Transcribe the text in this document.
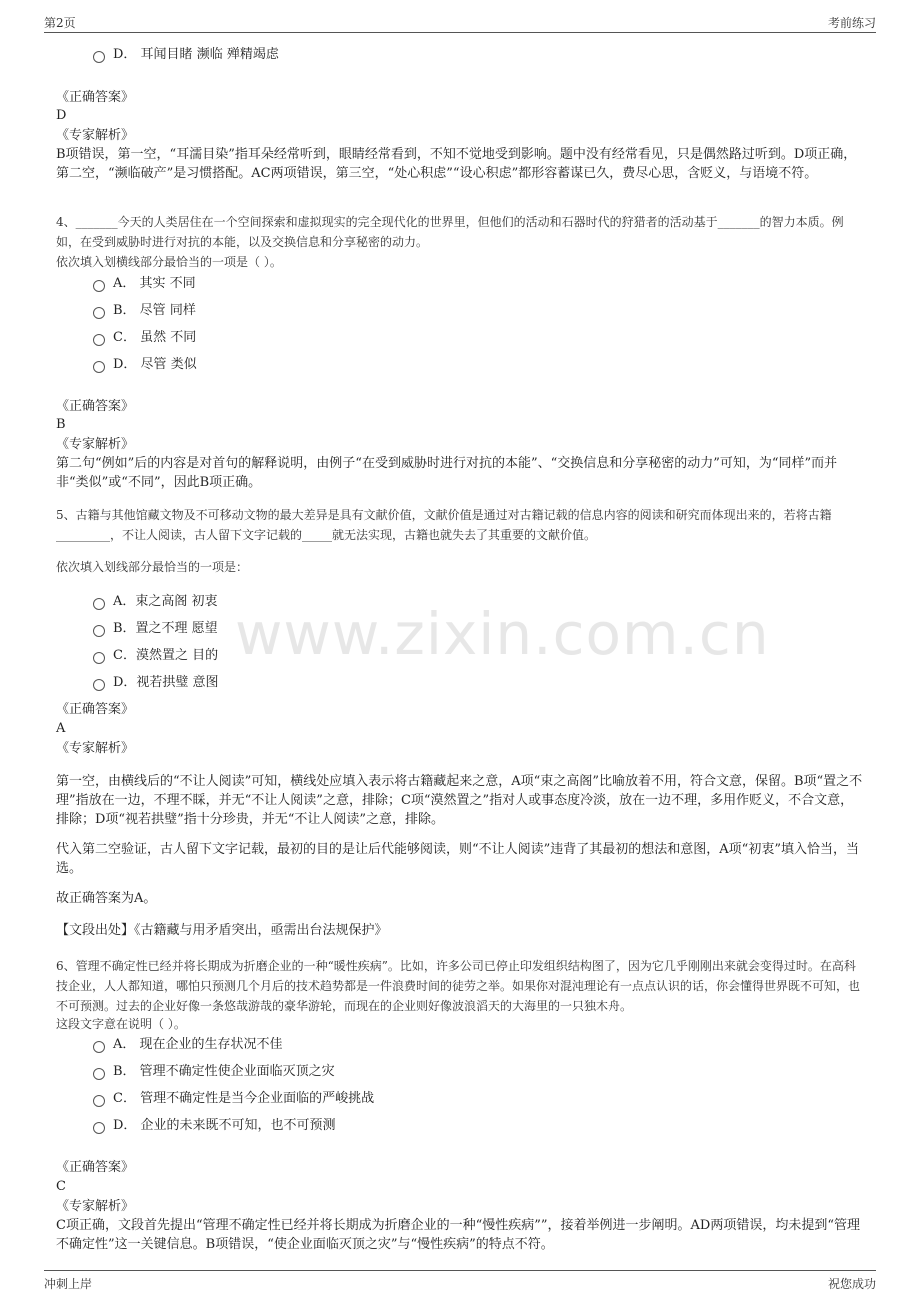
第2页	考前练习
www.zixin.com.cn
D． 耳闻目睹 濒临 殚精竭虑
《正确答案》
D
《专家解析》
B项错误，第一空，“耳濡目染”指耳朵经常听到，眼睛经常看到，不知不觉地受到影响。题中没有经常看见，只是偶然路过听到。D项正确，第二空，“濒临破产”是习惯搭配。AC两项错误，第三空，“处心积虑”“设心积虑”都形容蓄谋已久，费尽心思，含贬义，与语境不符。
4、_______今天的人类居住在一个空间探索和虚拟现实的完全现代化的世界里，但他们的活动和石器时代的狩猎者的活动基于_______的智力本质。例如，在受到威胁时进行对抗的本能，以及交换信息和分享秘密的动力。
依次填入划横线部分最恰当的一项是（ ）。
A． 其实 不同
B． 尽管 同样
C． 虽然 不同
D． 尽管 类似
《正确答案》
B
《专家解析》
第二句“例如”后的内容是对首句的解释说明，由例子“在受到威胁时进行对抗的本能”、“交换信息和分享秘密的动力”可知，为“同样”而并非“类似”或“不同”，因此B项正确。
5、古籍与其他馆藏文物及不可移动文物的最大差异是具有文献价值，文献价值是通过对古籍记载的信息内容的阅读和研究而体现出来的，若将古籍_________，不让人阅读，古人留下文字记载的_____就无法实现，古籍也就失去了其重要的文献价值。
依次填入划线部分最恰当的一项是：
A．束之高阁 初衷
B．置之不理 愿望
C．漠然置之 目的
D．视若拱璧 意图
《正确答案》
A
《专家解析》
第一空，由横线后的“不让人阅读”可知，横线处应填入表示将古籍藏起来之意，A项“束之高阁”比喻放着不用，符合文意，保留。B项“置之不理”指放在一边，不理不睬，并无“不让人阅读”之意，排除；C项“漠然置之”指对人或事态度冷淡，放在一边不理，多用作贬义，不合文意，排除；D项“视若拱璧”指十分珍贵，并无“不让人阅读”之意，排除。
代入第二空验证，古人留下文字记载，最初的目的是让后代能够阅读，则“不让人阅读”违背了其最初的想法和意图，A项“初衷”填入恰当，当选。
故正确答案为A。
【文段出处】《古籍藏与用矛盾突出，亟需出台法规保护》
6、管理不确定性已经并将长期成为折磨企业的一种“暖性疾病”。比如，许多公司已停止印发组织结构图了，因为它几乎刚刚出来就会变得过时。在高科技企业，人人都知道，哪怕只预测几个月后的技术趋势都是一件浪费时间的徒劳之举。如果你对混沌理论有一点点认识的话，你会懂得世界既不可知，也不可预测。过去的企业好像一条悠哉游哉的豪华游轮，而现在的企业则好像波浪滔天的大海里的一只独木舟。
这段文字意在说明（ ）。
A． 现在企业的生存状况不佳
B． 管理不确定性使企业面临灭顶之灾
C． 管理不确定性是当今企业面临的严峻挑战
D． 企业的未来既不可知，也不可预测
《正确答案》
C
《专家解析》
C项正确，文段首先提出“管理不确定性已经并将长期成为折磨企业的一种“慢性疾病””，接着举例进一步阐明。AD两项错误，均未提到“管理不确定性”这一关键信息。B项错误，“使企业面临灭顶之灾”与“慢性疾病”的特点不符。
冲刺上岸	祝您成功
